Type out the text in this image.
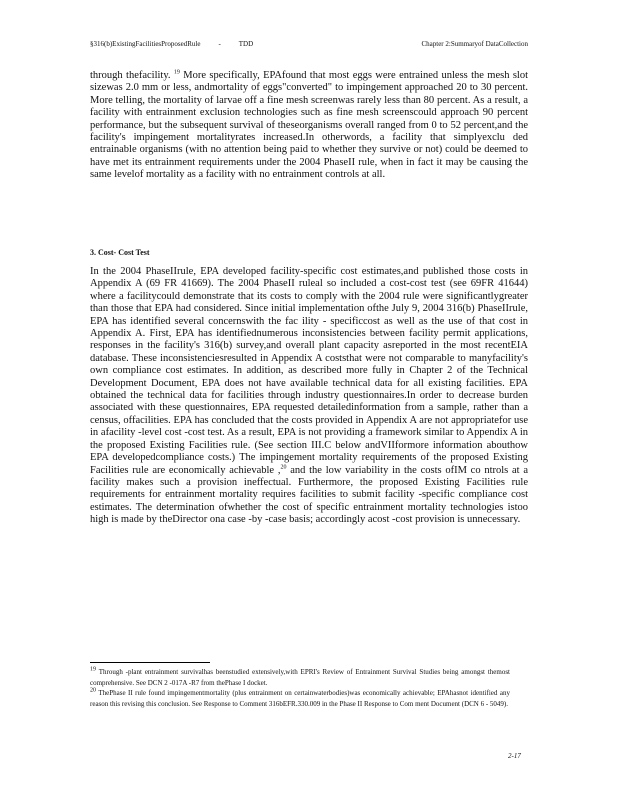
§316(b)ExistingFacilitiesProposedRule	-	TDD	Chapter 2:Summaryof DataCollection

through thefacility. $^{19}$ More specifically, EPAfound that most eggs were entrained unless the mesh slot sizewas 2.0 mm or less, andmortality of eggs"converted" to impingement approached 20 to 30 percent. More telling, the mortality of larvae off a fine mesh screenwas rarely less than 80 percent. As a result, a facility with entrainment exclusion technologies such as fine mesh screenscould approach 90 percent performance, but the subsequent survival of theseorganisms overall ranged from 0 to 52 percent,and the facility's impingement mortalityrates increased.In otherwords, a facility that simplyexclu ded entrainable organisms (with no attention being paid to whether they survive or not) could be deemed to have met its entrainment requirements under the 2004 PhaseII rule, when in fact it may be causing the same levelof mortality as a facility with no entrainment controls at all.

3. Cost- Cost Test

In the 2004 PhaseIIrule, EPA developed facility-specific cost estimates,and published those costs in Appendix A (69 FR 41669). The 2004 PhaseII ruleal so included a cost-cost test (see 69FR 41644) where a facilitycould demonstrate that its costs to comply with the 2004 rule were significantlygreater than those that EPA had considered. Since initial implementation ofthe July 9, 2004 316(b) PhaseIIrule, EPA has identified several concernswith the fac ility - specificcost as well as the use of that cost in Appendix A. First, EPA has identifiednumerous inconsistencies between facility permit applications, responses in the facility's 316(b) survey,and overall plant capacity asreported in the most recentEIA database. These inconsistenciesresulted in Appendix A coststhat were not comparable to manyfacility's own compliance cost estimates. In addition, as described more fully in Chapter 2 of the Technical Development Document, EPA does not have available technical data for all existing facilities. EPA obtained the technical data for facilities through industry questionnaires.In order to decrease burden associated with these questionnaires, EPA requested detailedinformation from a sample, rather than a census, offacilities. EPA has concluded that the costs provided in Appendix A are not appropriatefor use in afacility -level cost -cost test. As a result, EPA is not providing a framework similar to Appendix A in the proposed Existing Facilities rule. (See section III.C below andVIIformore information abouthow EPA developedcompliance costs.) The impingement mortality requirements of the proposed Existing Facilities rule are economically achievable ,$^{20}$ and the low variability in the costs ofIM co ntrols at a facility makes such a provision ineffectual. Furthermore, the proposed Existing Facilities rule requirements for entrainment mortality requires facilities to submit facility -specific compliance cost estimates. The determination ofwhether the cost of specific entrainment mortality technologies istoo high is made by theDirector ona case -by -case basis; accordingly acost -cost provision is unnecessary.

$^{19}$ Through -plant entrainment survivalhas beenstudied extensively,with EPRI's Review of Entrainment Survival Studies being amongst themost comprehensive. See DCN 2 -017A -R7 from thePhase I docket.

$^{20}$ ThePhase II rule found impingementmortality (plus entrainment on certainwaterbodies)was economically achievable; EPAhasnot identified any reason this revising this conclusion. See Response to Comment 316bEFR.330.009 in the Phase II Response to Com ment Document (DCN 6 - 5049).

2-17
